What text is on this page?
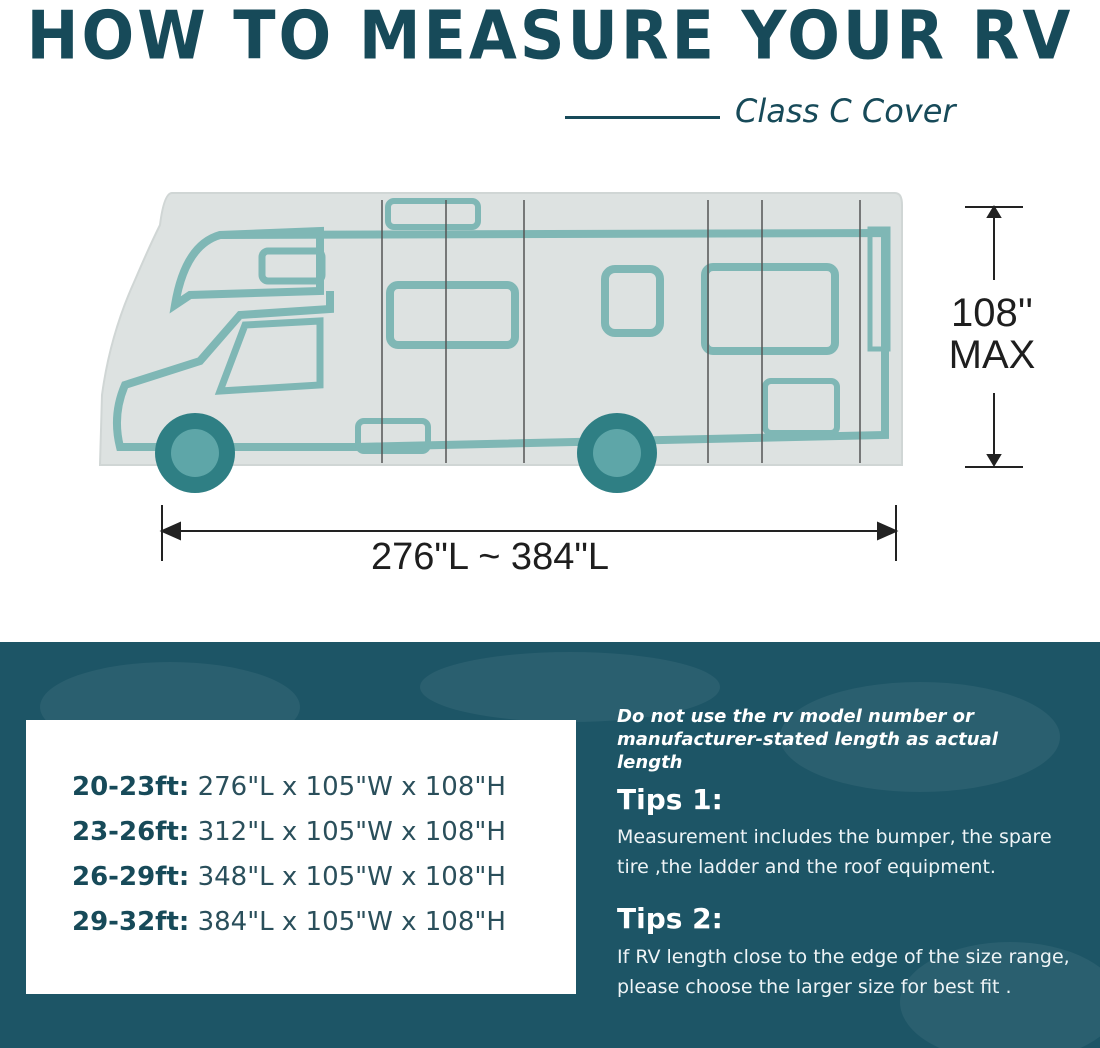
HOW TO MEASURE YOUR RV
Class C Cover
108''
MAX
276"L ~ 384"L
20-23ft: 276"L x 105"W x 108"H
23-26ft: 312"L x 105"W x 108"H
26-29ft: 348"L x 105"W x 108"H
29-32ft: 384"L x 105"W x 108"H
Do not use the rv model number or manufacturer-stated length as actual length
Tips 1:
Measurement includes the bumper, the spare tire ,the ladder and the roof equipment.
Tips 2:
If RV length close to the edge of the size range, please choose the larger size for best fit .
